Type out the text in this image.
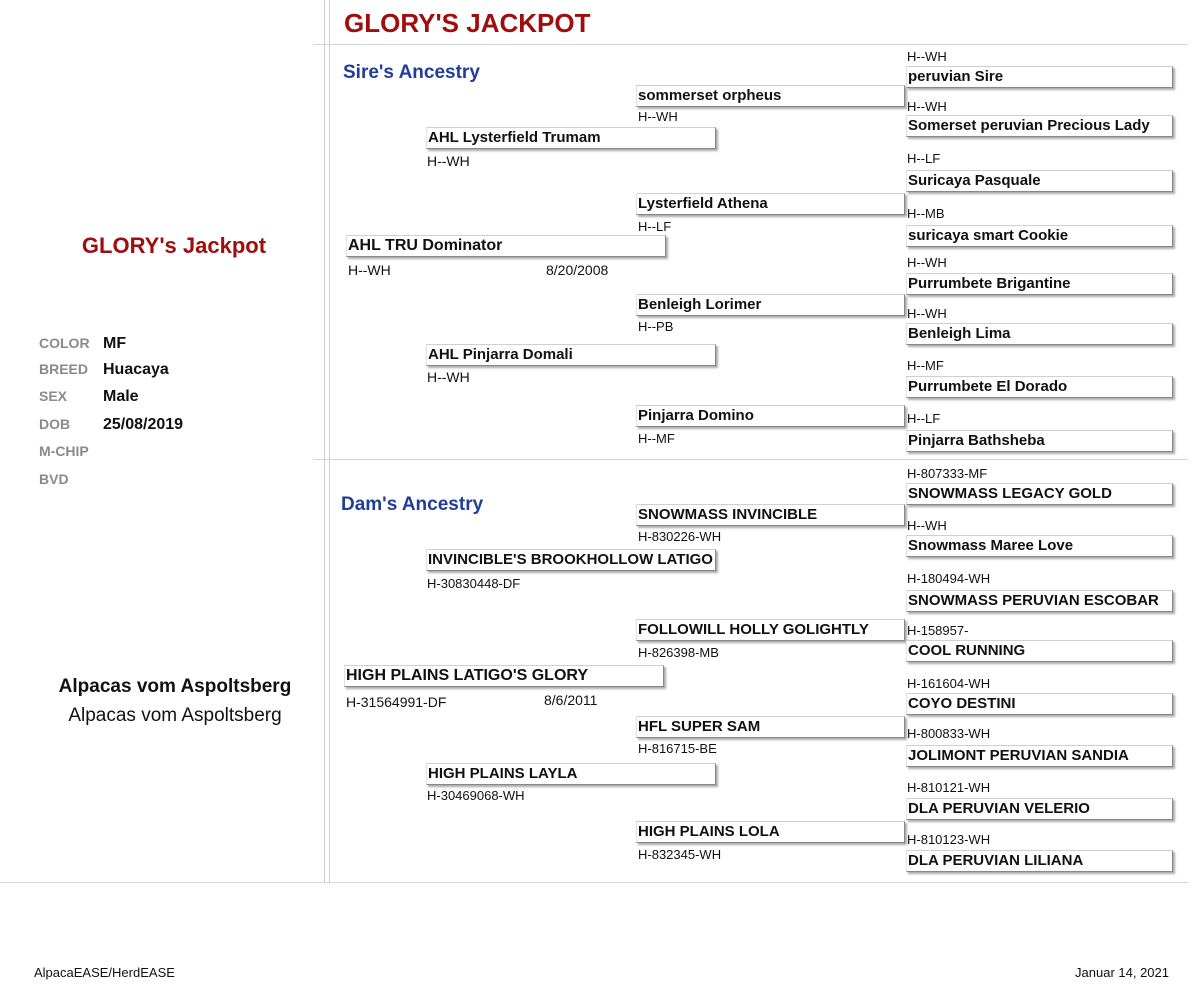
GLORY'S JACKPOT
GLORY's Jackpot
COLOR MF
BREED Huacaya
SEX Male
DOB 25/08/2019
M-CHIP
BVD
Alpacas vom Aspoltsberg
Alpacas vom Aspoltsberg
Sire's Ancestry
AHL TRU Dominator
H--WH	8/20/2008
AHL Lysterfield Trumam
H--WH
AHL Pinjarra Domali
H--WH
sommerset orpheus
H--WH
Lysterfield Athena
H--LF
Benleigh Lorimer
H--PB
Pinjarra Domino
H--MF
H--WH
peruvian Sire
H--WH
Somerset peruvian Precious Lady
H--LF
Suricaya Pasquale
H--MB
suricaya smart Cookie
H--WH
Purrumbete Brigantine
H--WH
Benleigh Lima
H--MF
Purrumbete El Dorado
H--LF
Pinjarra Bathsheba
Dam's Ancestry
HIGH PLAINS LATIGO'S GLORY
H-31564991-DF	8/6/2011
INVINCIBLE'S BROOKHOLLOW LATIGO
H-30830448-DF
HIGH PLAINS LAYLA
H-30469068-WH
SNOWMASS INVINCIBLE
H-830226-WH
FOLLOWILL HOLLY GOLIGHTLY
H-826398-MB
HFL SUPER SAM
H-816715-BE
HIGH PLAINS LOLA
H-832345-WH
H-807333-MF
SNOWMASS LEGACY GOLD
H--WH
Snowmass Maree Love
H-180494-WH
SNOWMASS PERUVIAN ESCOBAR
H-158957-
COOL RUNNING
H-161604-WH
COYO DESTINI
H-800833-WH
JOLIMONT PERUVIAN SANDIA
H-810121-WH
DLA PERUVIAN VELERIO
H-810123-WH
DLA PERUVIAN LILIANA
AlpacaEASE/HerdEASE	Januar 14, 2021
